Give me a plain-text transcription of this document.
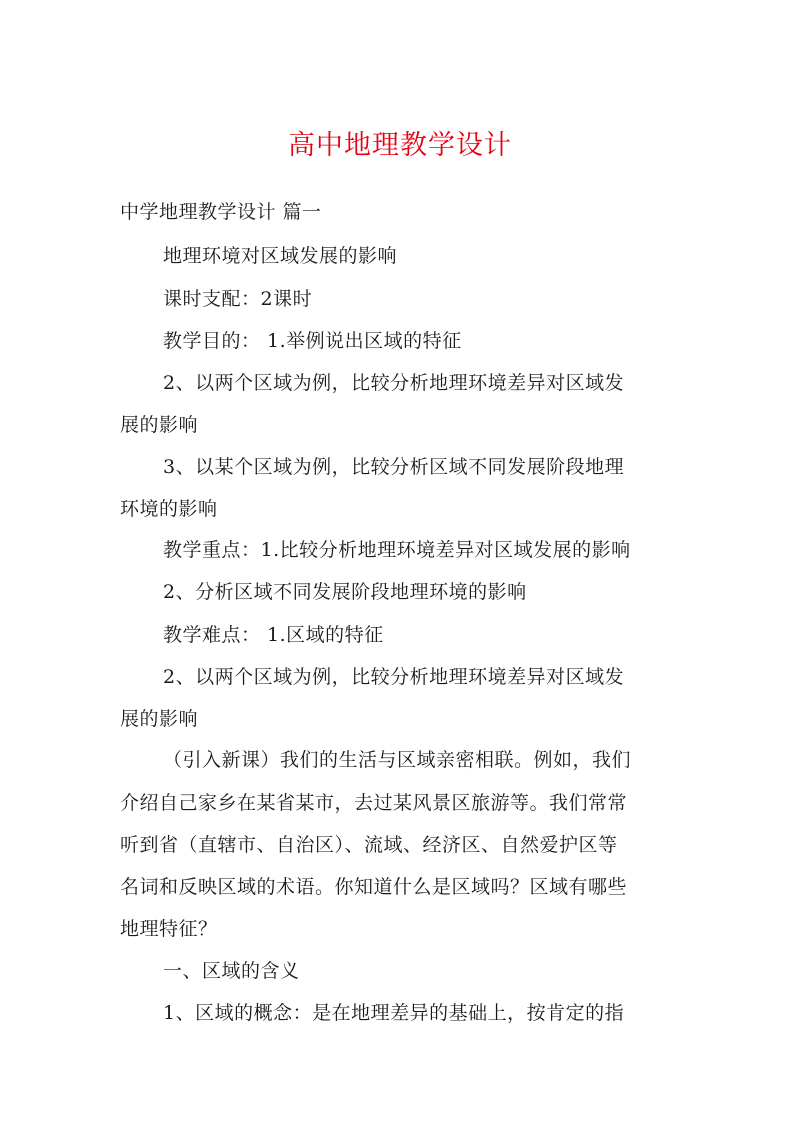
高中地理教学设计
中学地理教学设计 篇一
地理环境对区域发展的影响
课时支配：2课时
教学目的： 1.举例说出区域的特征
2、以两个区域为例，比较分析地理环境差异对区域发
展的影响
3、以某个区域为例，比较分析区域不同发展阶段地理
环境的影响
教学重点：1.比较分析地理环境差异对区域发展的影响
2、分析区域不同发展阶段地理环境的影响
教学难点： 1.区域的特征
2、以两个区域为例，比较分析地理环境差异对区域发
展的影响
（引入新课）我们的生活与区域亲密相联。例如，我们
介绍自己家乡在某省某市，去过某风景区旅游等。我们常常
听到省（直辖市、自治区）、流域、经济区、自然爱护区等
名词和反映区域的术语。你知道什么是区域吗？区域有哪些
地理特征？
一、区域的含义
1、区域的概念：是在地理差异的基础上，按肯定的指
